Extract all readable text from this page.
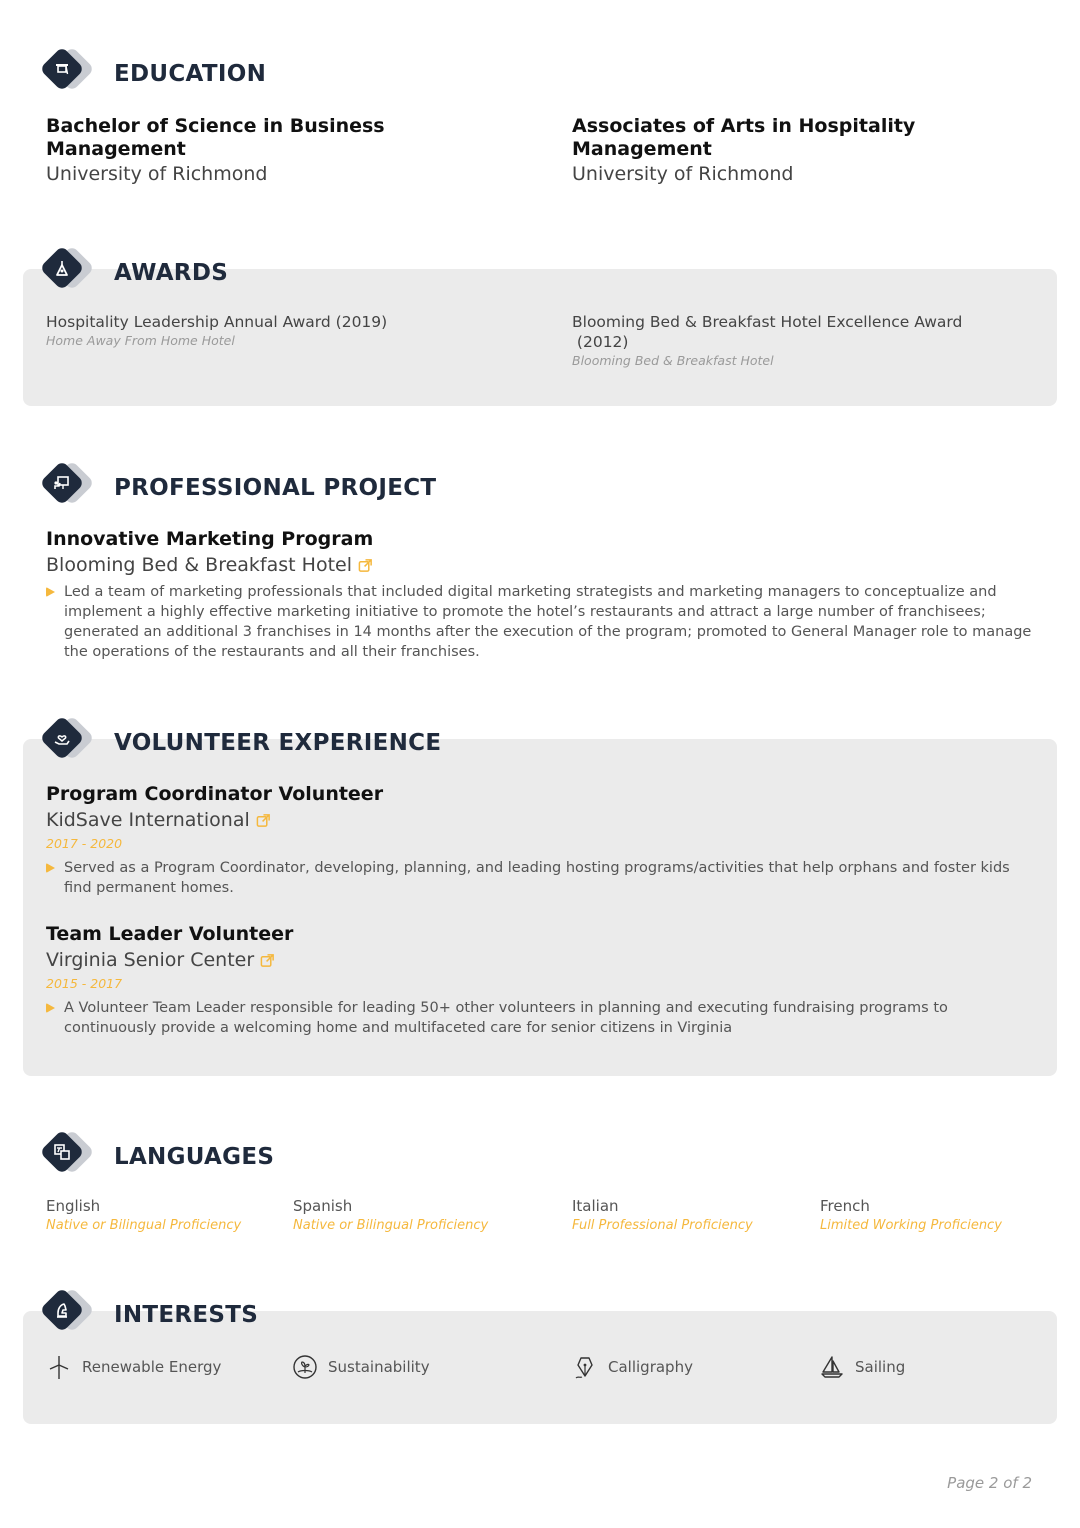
EDUCATION
Bachelor of Science in Business
Management
University of Richmond
Associates of Arts in Hospitality
Management
University of Richmond
AWARDS
Hospitality Leadership Annual Award (2019)
Home Away From Home Hotel
Blooming Bed & Breakfast Hotel Excellence Award
(2012)
Blooming Bed & Breakfast Hotel
PROFESSIONAL PROJECT
Innovative Marketing Program
Blooming Bed & Breakfast Hotel
Led a team of marketing professionals that included digital marketing strategists and marketing managers to conceptualize and implement a highly effective marketing initiative to promote the hotel’s restaurants and attract a large number of franchisees; generated an additional 3 franchises in 14 months after the execution of the program; promoted to General Manager role to manage the operations of the restaurants and all their franchises.
VOLUNTEER EXPERIENCE
Program Coordinator Volunteer
KidSave International
2017 - 2020
Served as a Program Coordinator, developing, planning, and leading hosting programs/activities that help orphans and foster kids find permanent homes.
Team Leader Volunteer
Virginia Senior Center
2015 - 2017
A Volunteer Team Leader responsible for leading 50+ other volunteers in planning and executing fundraising programs to continuously provide a welcoming home and multifaceted care for senior citizens in Virginia
LANGUAGES
English
Native or Bilingual Proficiency
Spanish
Native or Bilingual Proficiency
Italian
Full Professional Proficiency
French
Limited Working Proficiency
INTERESTS
Renewable Energy	Sustainability	Calligraphy	Sailing
Page 2 of 2
